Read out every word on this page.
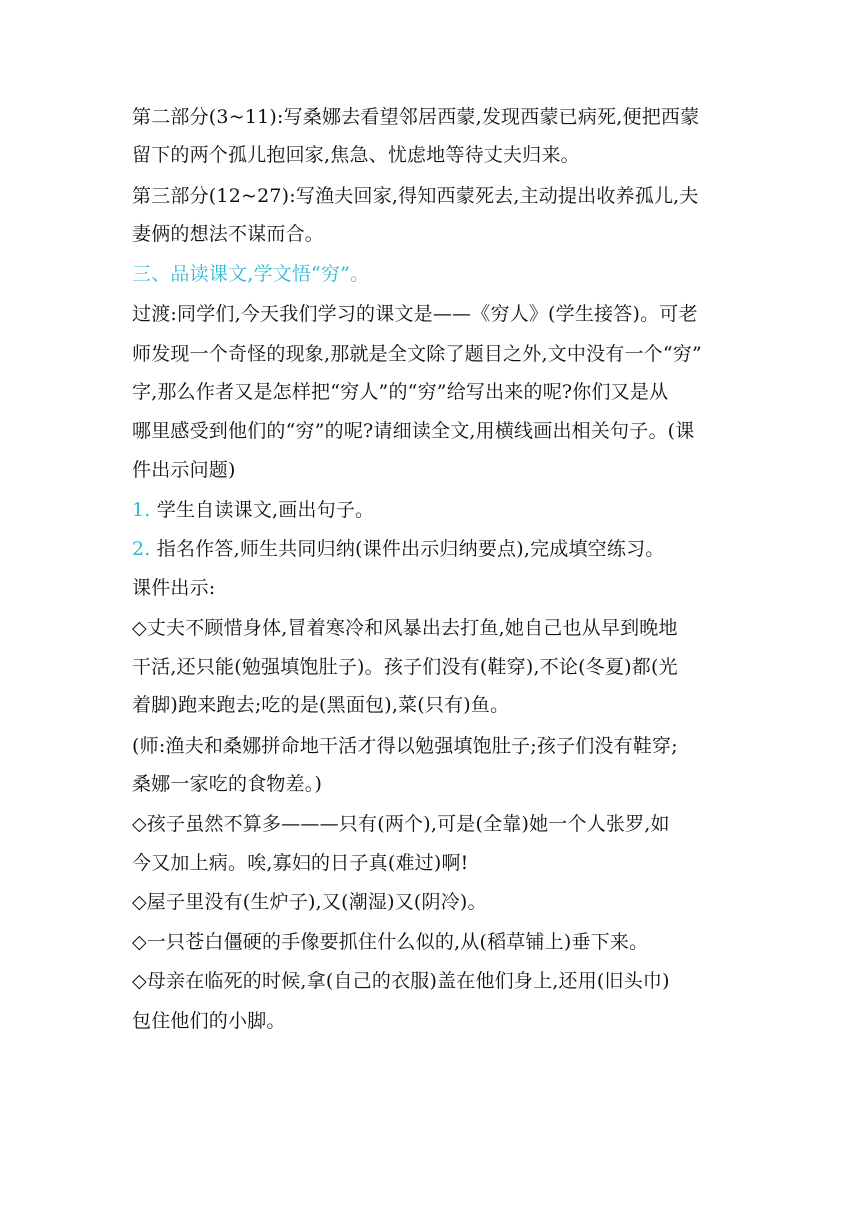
第二部分(3~11):写桑娜去看望邻居西蒙,发现西蒙已病死,便把西蒙
留下的两个孤儿抱回家,焦急、忧虑地等待丈夫归来。
第三部分(12~27):写渔夫回家,得知西蒙死去,主动提出收养孤儿,夫
妻俩的想法不谋而合。
三、品读课文,学文悟“穷”。
过渡:同学们,今天我们学习的课文是——《穷人》(学生接答)。可老
师发现一个奇怪的现象,那就是全文除了题目之外,文中没有一个“穷”
字,那么作者又是怎样把“穷人”的“穷”给写出来的呢?你们又是从
哪里感受到他们的“穷”的呢?请细读全文,用横线画出相关句子。(课
件出示问题)
1. 学生自读课文,画出句子。
2. 指名作答,师生共同归纳(课件出示归纳要点),完成填空练习。
课件出示:
◇丈夫不顾惜身体,冒着寒冷和风暴出去打鱼,她自己也从早到晚地
干活,还只能(勉强填饱肚子)。孩子们没有(鞋穿),不论(冬夏)都(光
着脚)跑来跑去;吃的是(黑面包),菜(只有)鱼。
(师:渔夫和桑娜拼命地干活才得以勉强填饱肚子;孩子们没有鞋穿;
桑娜一家吃的食物差。)
◇孩子虽然不算多———只有(两个),可是(全靠)她一个人张罗,如
今又加上病。唉,寡妇的日子真(难过)啊!
◇屋子里没有(生炉子),又(潮湿)又(阴冷)。
◇一只苍白僵硬的手像要抓住什么似的,从(稻草铺上)垂下来。
◇母亲在临死的时候,拿(自己的衣服)盖在他们身上,还用(旧头巾)
包住他们的小脚。
